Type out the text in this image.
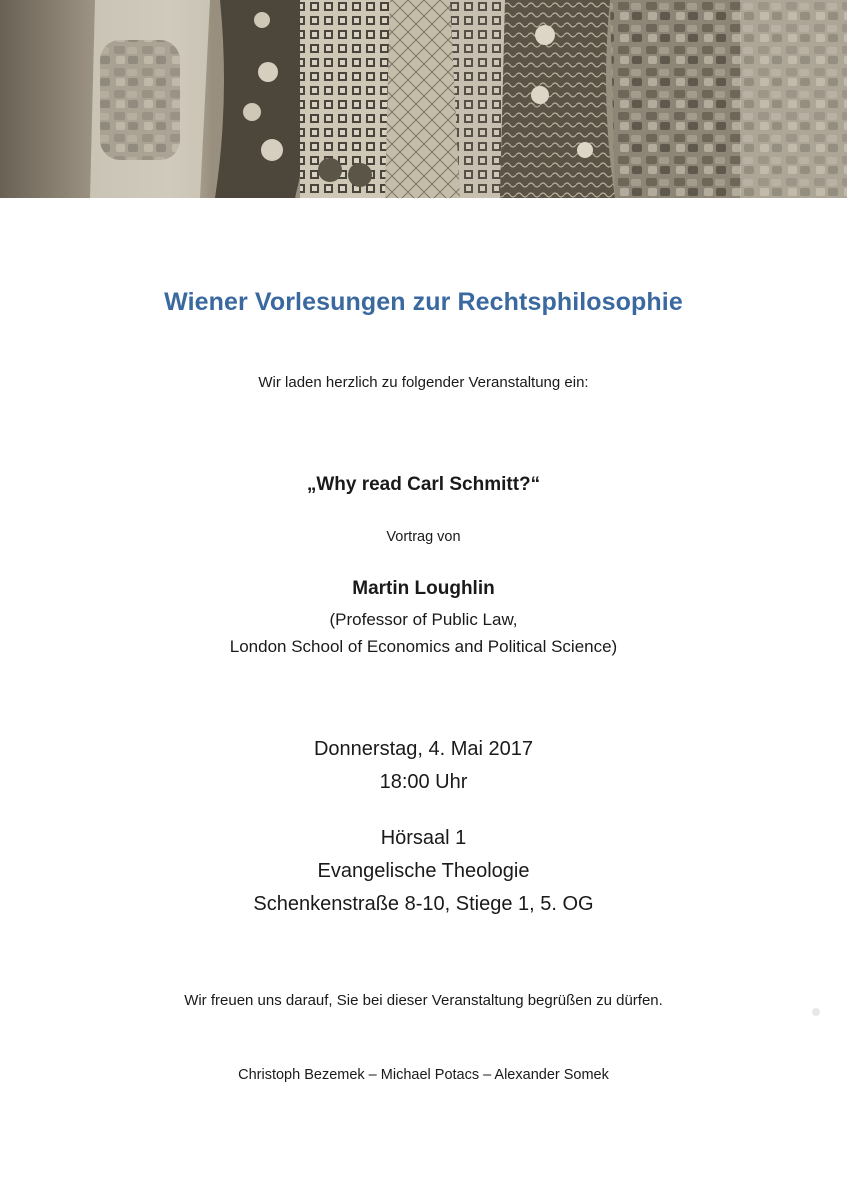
Wiener Vorlesungen zur Rechtsphilosophie
Wir laden herzlich zu folgender Veranstaltung ein:
„Why read Carl Schmitt?“
Vortrag von
Martin Loughlin
(Professor of Public Law,
London School of Economics and Political Science)
Donnerstag, 4. Mai 2017
18:00 Uhr
Hörsaal 1
Evangelische Theologie
Schenkenstraße 8-10, Stiege 1, 5. OG
Wir freuen uns darauf, Sie bei dieser Veranstaltung begrüßen zu dürfen.
Christoph Bezemek – Michael Potacs – Alexander Somek
